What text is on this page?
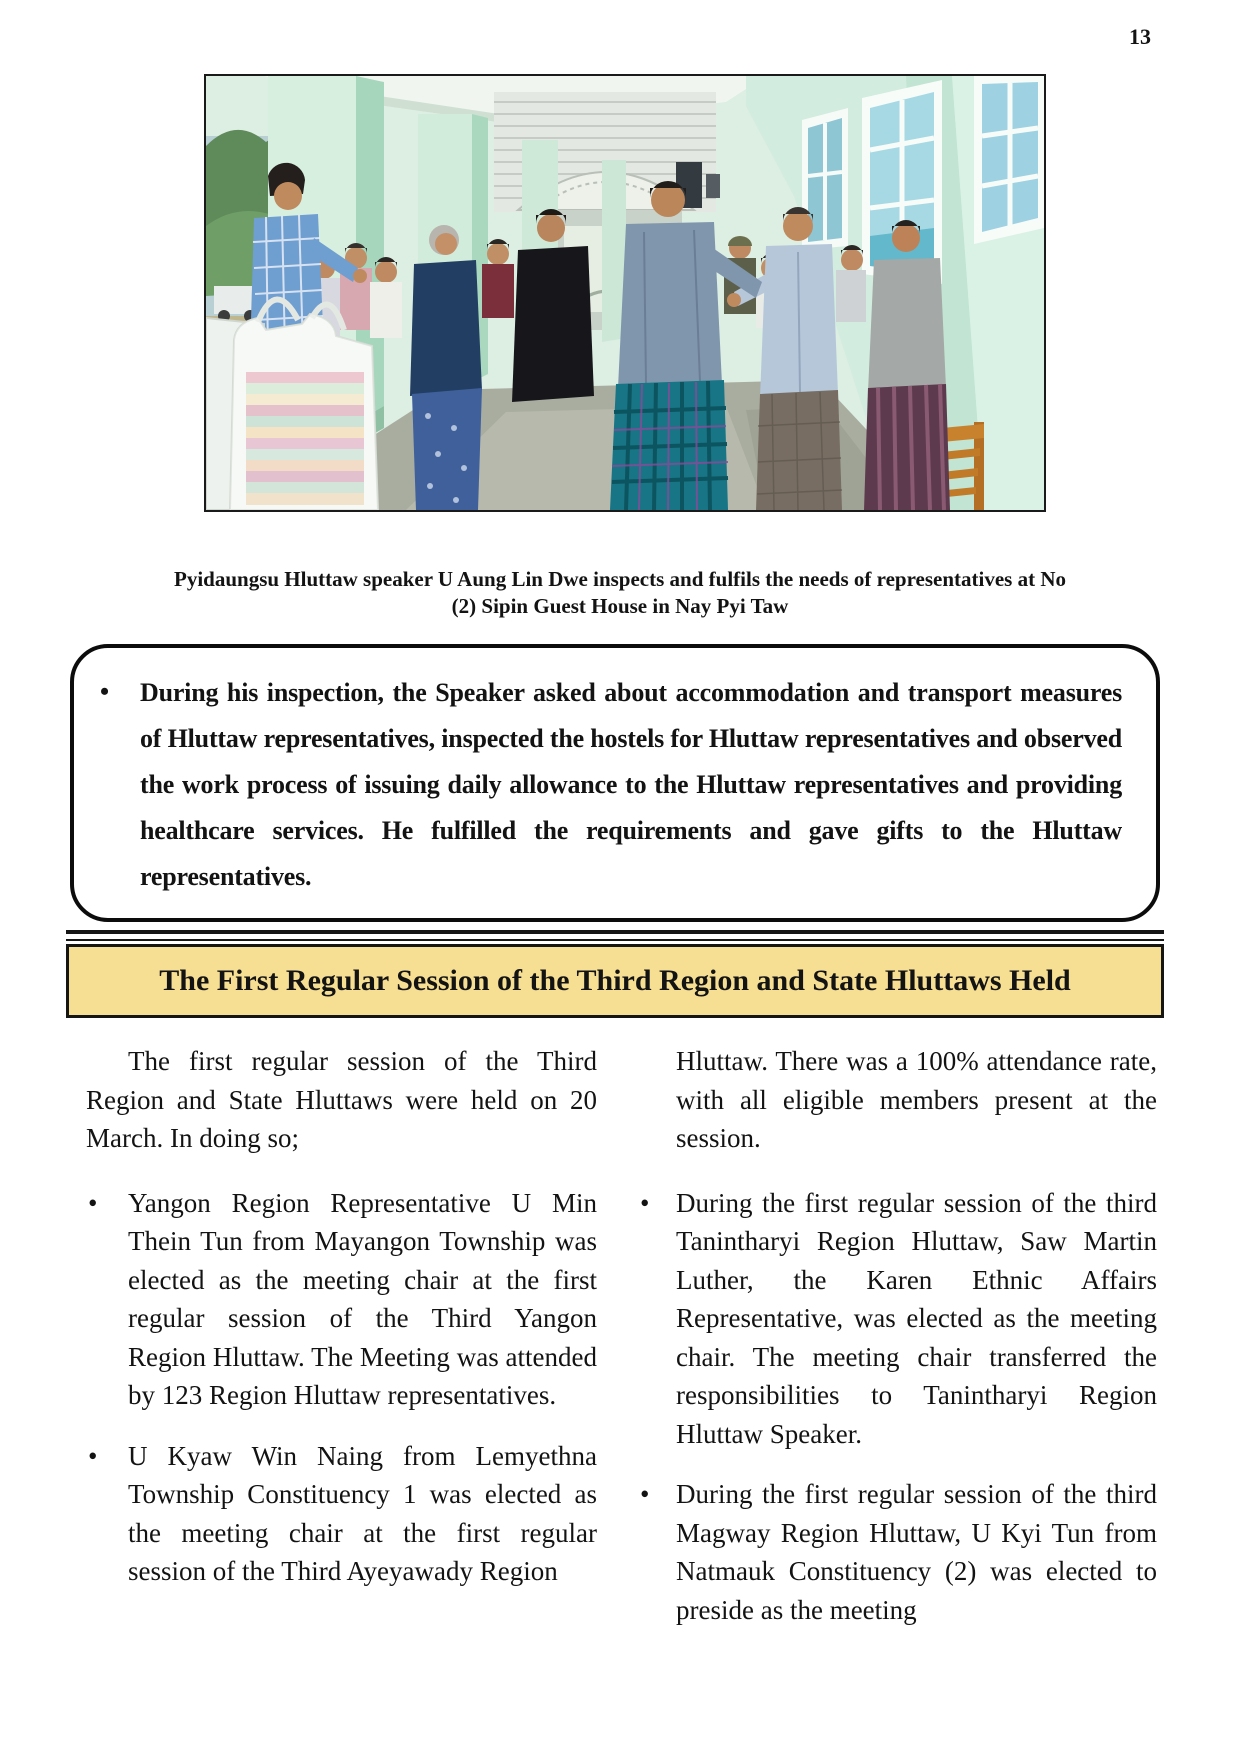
13
Pyidaungsu Hluttaw speaker U Aung Lin Dwe inspects and fulfils the needs of representatives at No
(2) Sipin Guest House in Nay Pyi Taw
• During his inspection, the Speaker asked about accommodation and transport measures of Hluttaw representatives, inspected the hostels for Hluttaw representatives and observed the work process of issuing daily allowance to the Hluttaw representatives and providing healthcare services. He fulfilled the requirements and gave gifts to the Hluttaw representatives.
The First Regular Session of the Third Region and State Hluttaws Held

The first regular session of the Third Region and State Hluttaws were held on 20 March. In doing so;

• Yangon Region Representative U Min Thein Tun from Mayangon Township was elected as the meeting chair at the first regular session of the Third Yangon Region Hluttaw. The Meeting was attended by 123 Region Hluttaw representatives.
• U Kyaw Win Naing from Lemyethna Township Constituency 1 was elected as the meeting chair at the first regular session of the Third Ayeyawady Region

Hluttaw. There was a 100% attendance rate, with all eligible members present at the session.

• During the first regular session of the third Tanintharyi Region Hluttaw, Saw Martin Luther, the Karen Ethnic Affairs Representative, was elected as the meeting chair. The meeting chair transferred the responsibilities to Tanintharyi Region Hluttaw Speaker.
• During the first regular session of the third Magway Region Hluttaw, U Kyi Tun from Natmauk Constituency (2) was elected to preside as the meeting
